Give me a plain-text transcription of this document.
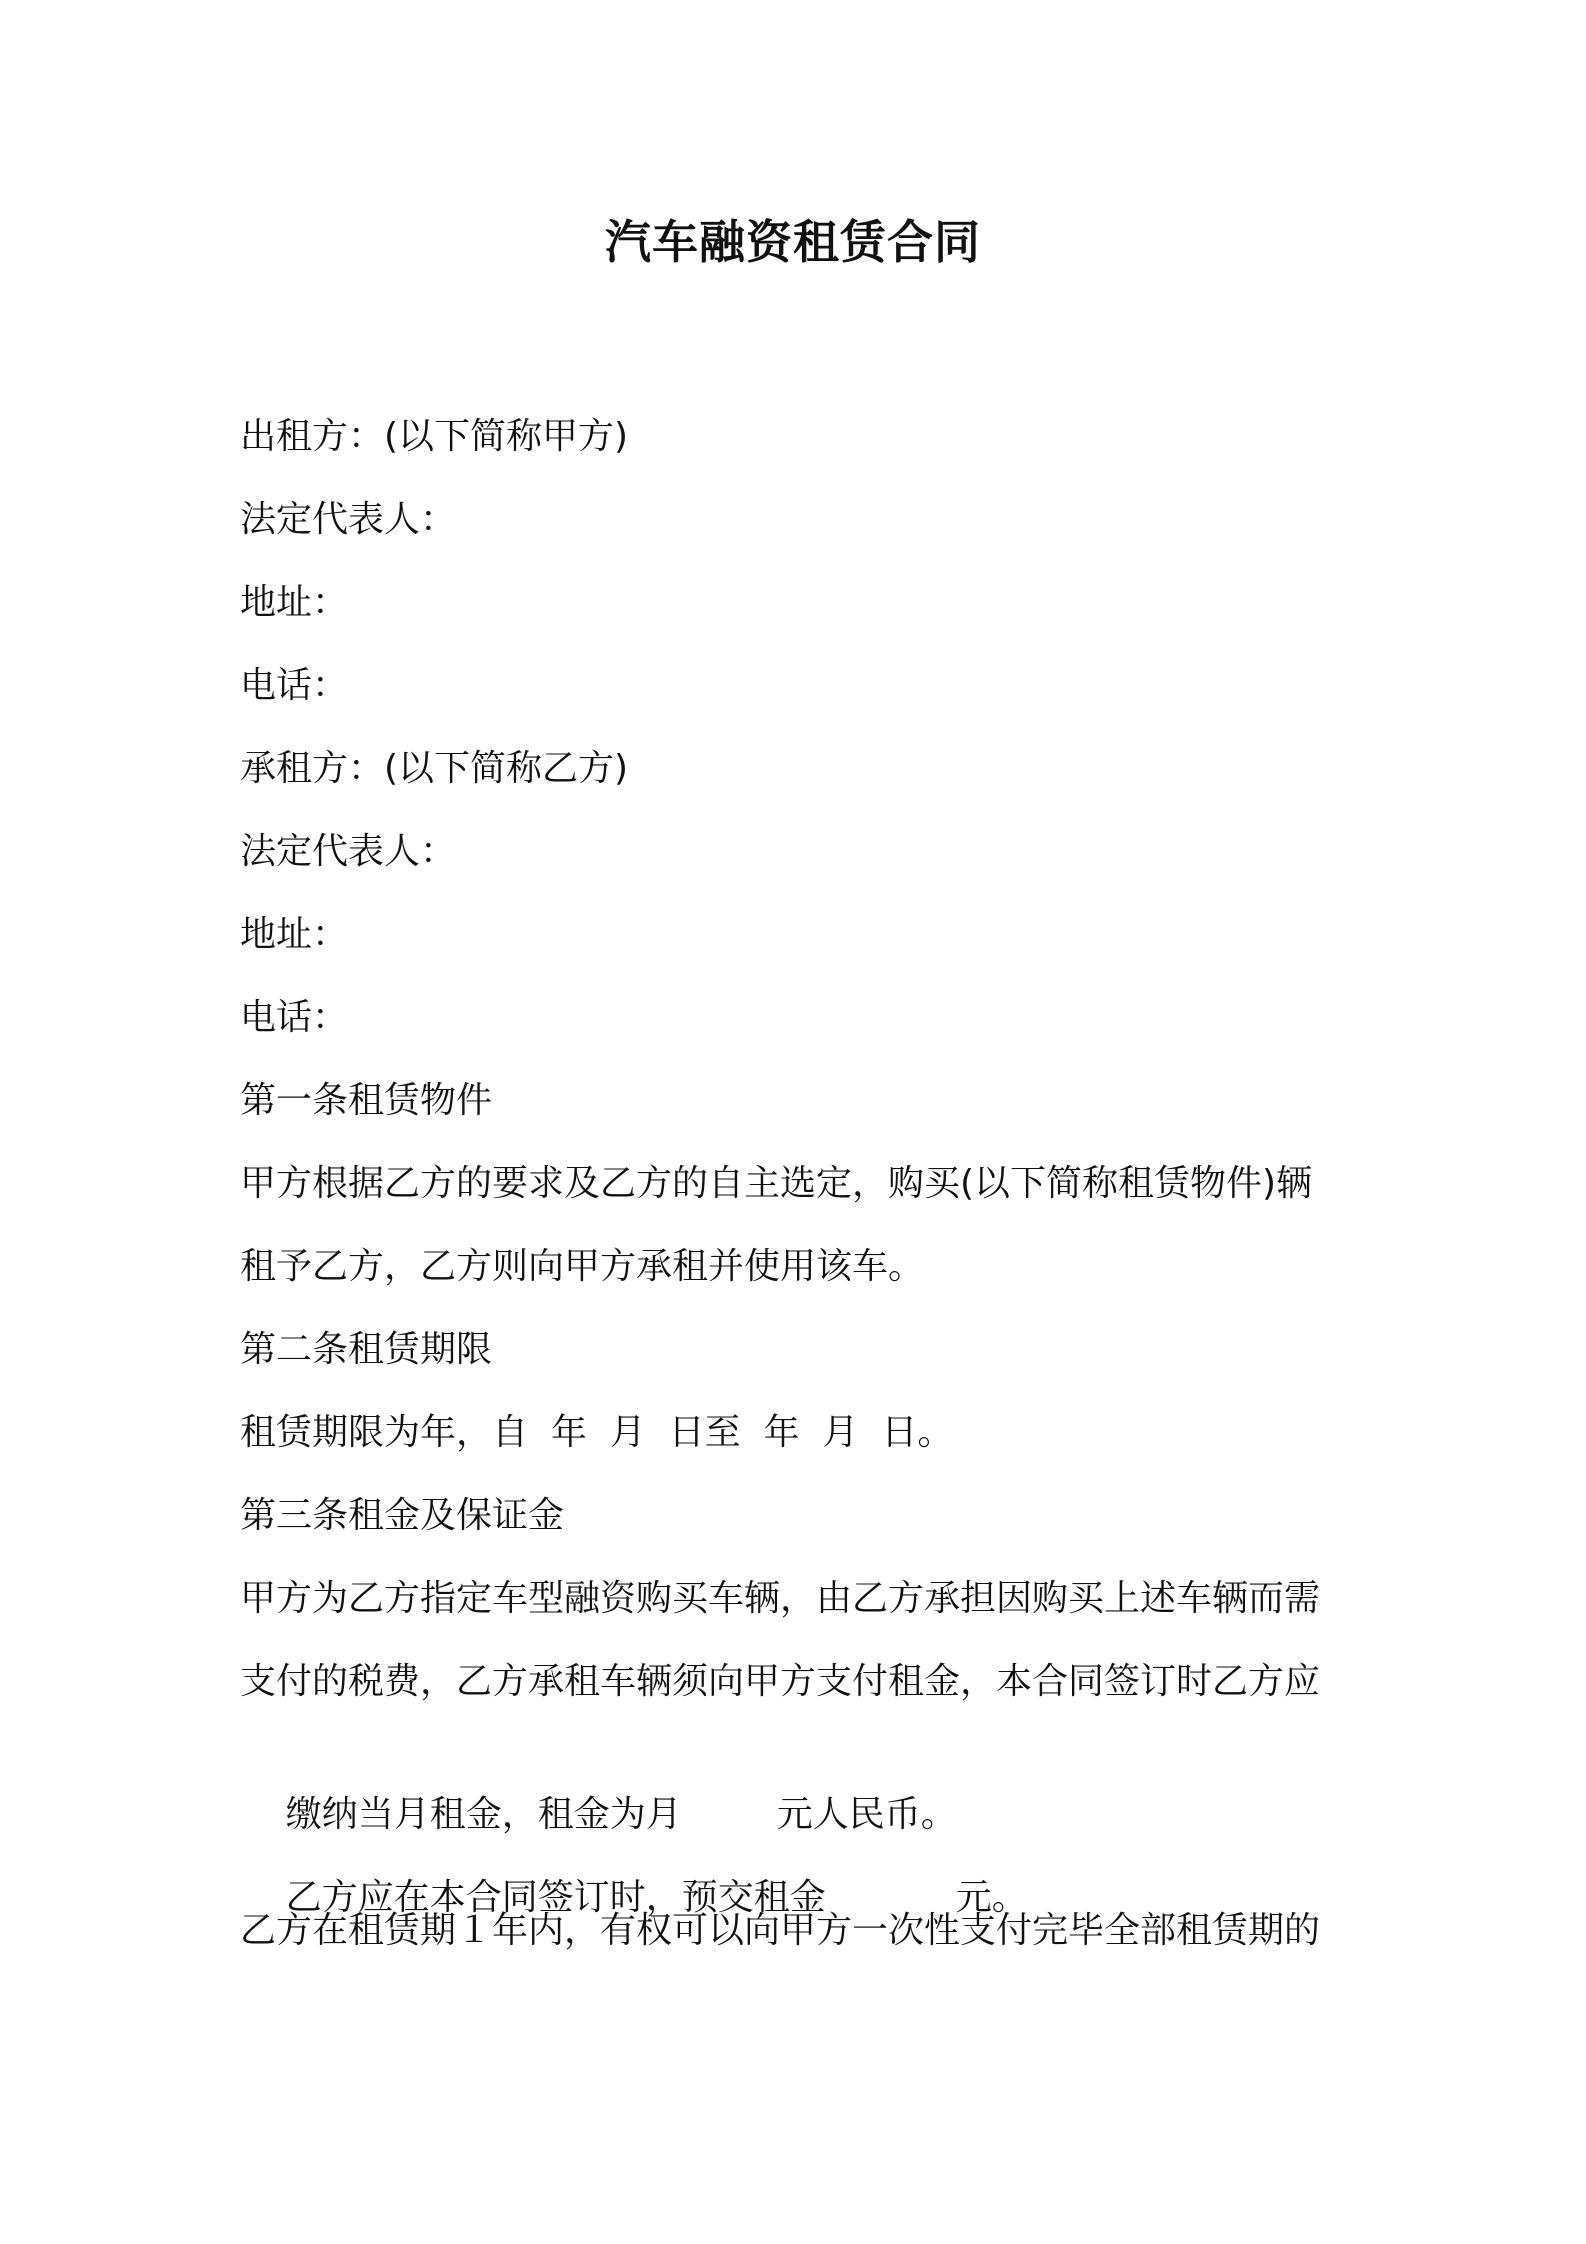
汽车融资租赁合同
出租方：(以下简称甲方)
法定代表人：
地址：
电话：
承租方：(以下简称乙方)
法定代表人：
地址：
电话：
第一条租赁物件
甲方根据乙方的要求及乙方的自主选定，购买(以下简称租赁物件)辆
租予乙方，乙方则向甲方承租并使用该车。
第二条租赁期限
租赁期限为年，自  年  月  日至  年  月  日。
第三条租金及保证金
甲方为乙方指定车型融资购买车辆，由乙方承担因购买上述车辆而需
支付的税费，乙方承租车辆须向甲方支付租金，本合同签订时乙方应

缴纳当月租金，租金为月	元人民币。

乙方应在本合同签订时，预交租金	元。

乙方在租赁期１年内，有权可以向甲方一次性支付完毕全部租赁期的
